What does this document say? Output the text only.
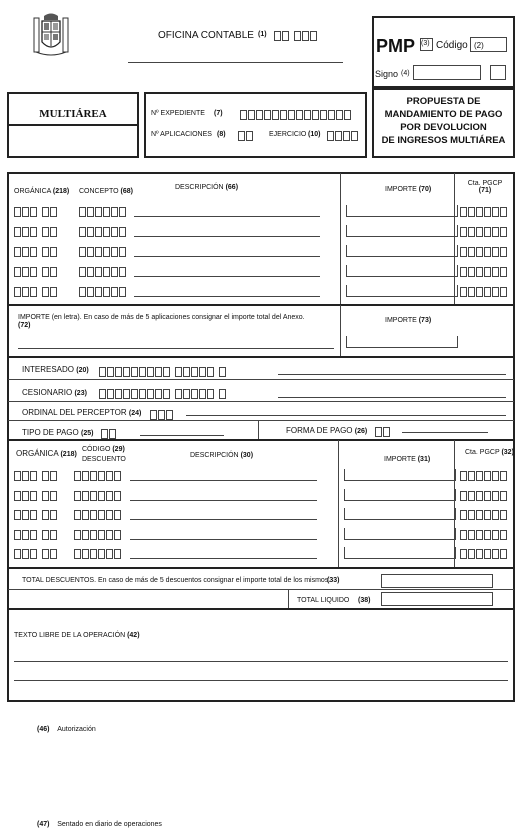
OFICINA CONTABLE (1)
PMP (3) Código (2)
Signo (4)
MULTIÁREA	Nº EXPEDIENTE (7)
Nº APLICACIONES (8)	EJERCICIO (10)
PROPUESTA DE
MANDAMIENTO DE PAGO
POR DEVOLUCION
DE INGRESOS MULTIÁREA
ORGÁNICA (218) CONCEPTO (68)
DESCRIPCIÓN (66)	IMPORTE (70)
Cta. PGCP
(71)
IMPORTE (en letra). En caso de más de 5 aplicaciones consignar el importe total del Anexo.
(72)
IMPORTE (73)
INTERESADO (20)
CESIONARIO (23)
ORDINAL DEL PERCEPTOR (24)
TIPO DE PAGO (25)	FORMA DE PAGO (26)
ORGÁNICA (218)
CÓDIGO (29)
DESCUENTO
DESCRIPCIÓN (30)
IMPORTE (31)
Cta. PGCP (32)
TOTAL DESCUENTOS. En caso de más de 5 descuentos consignar el importe total de los mismos.
(33)
TOTAL LIQUIDO (38)
TEXTO LIBRE DE LA OPERACIÓN (42)
(46) Autorización
(47) Sentado en diario de operaciones
